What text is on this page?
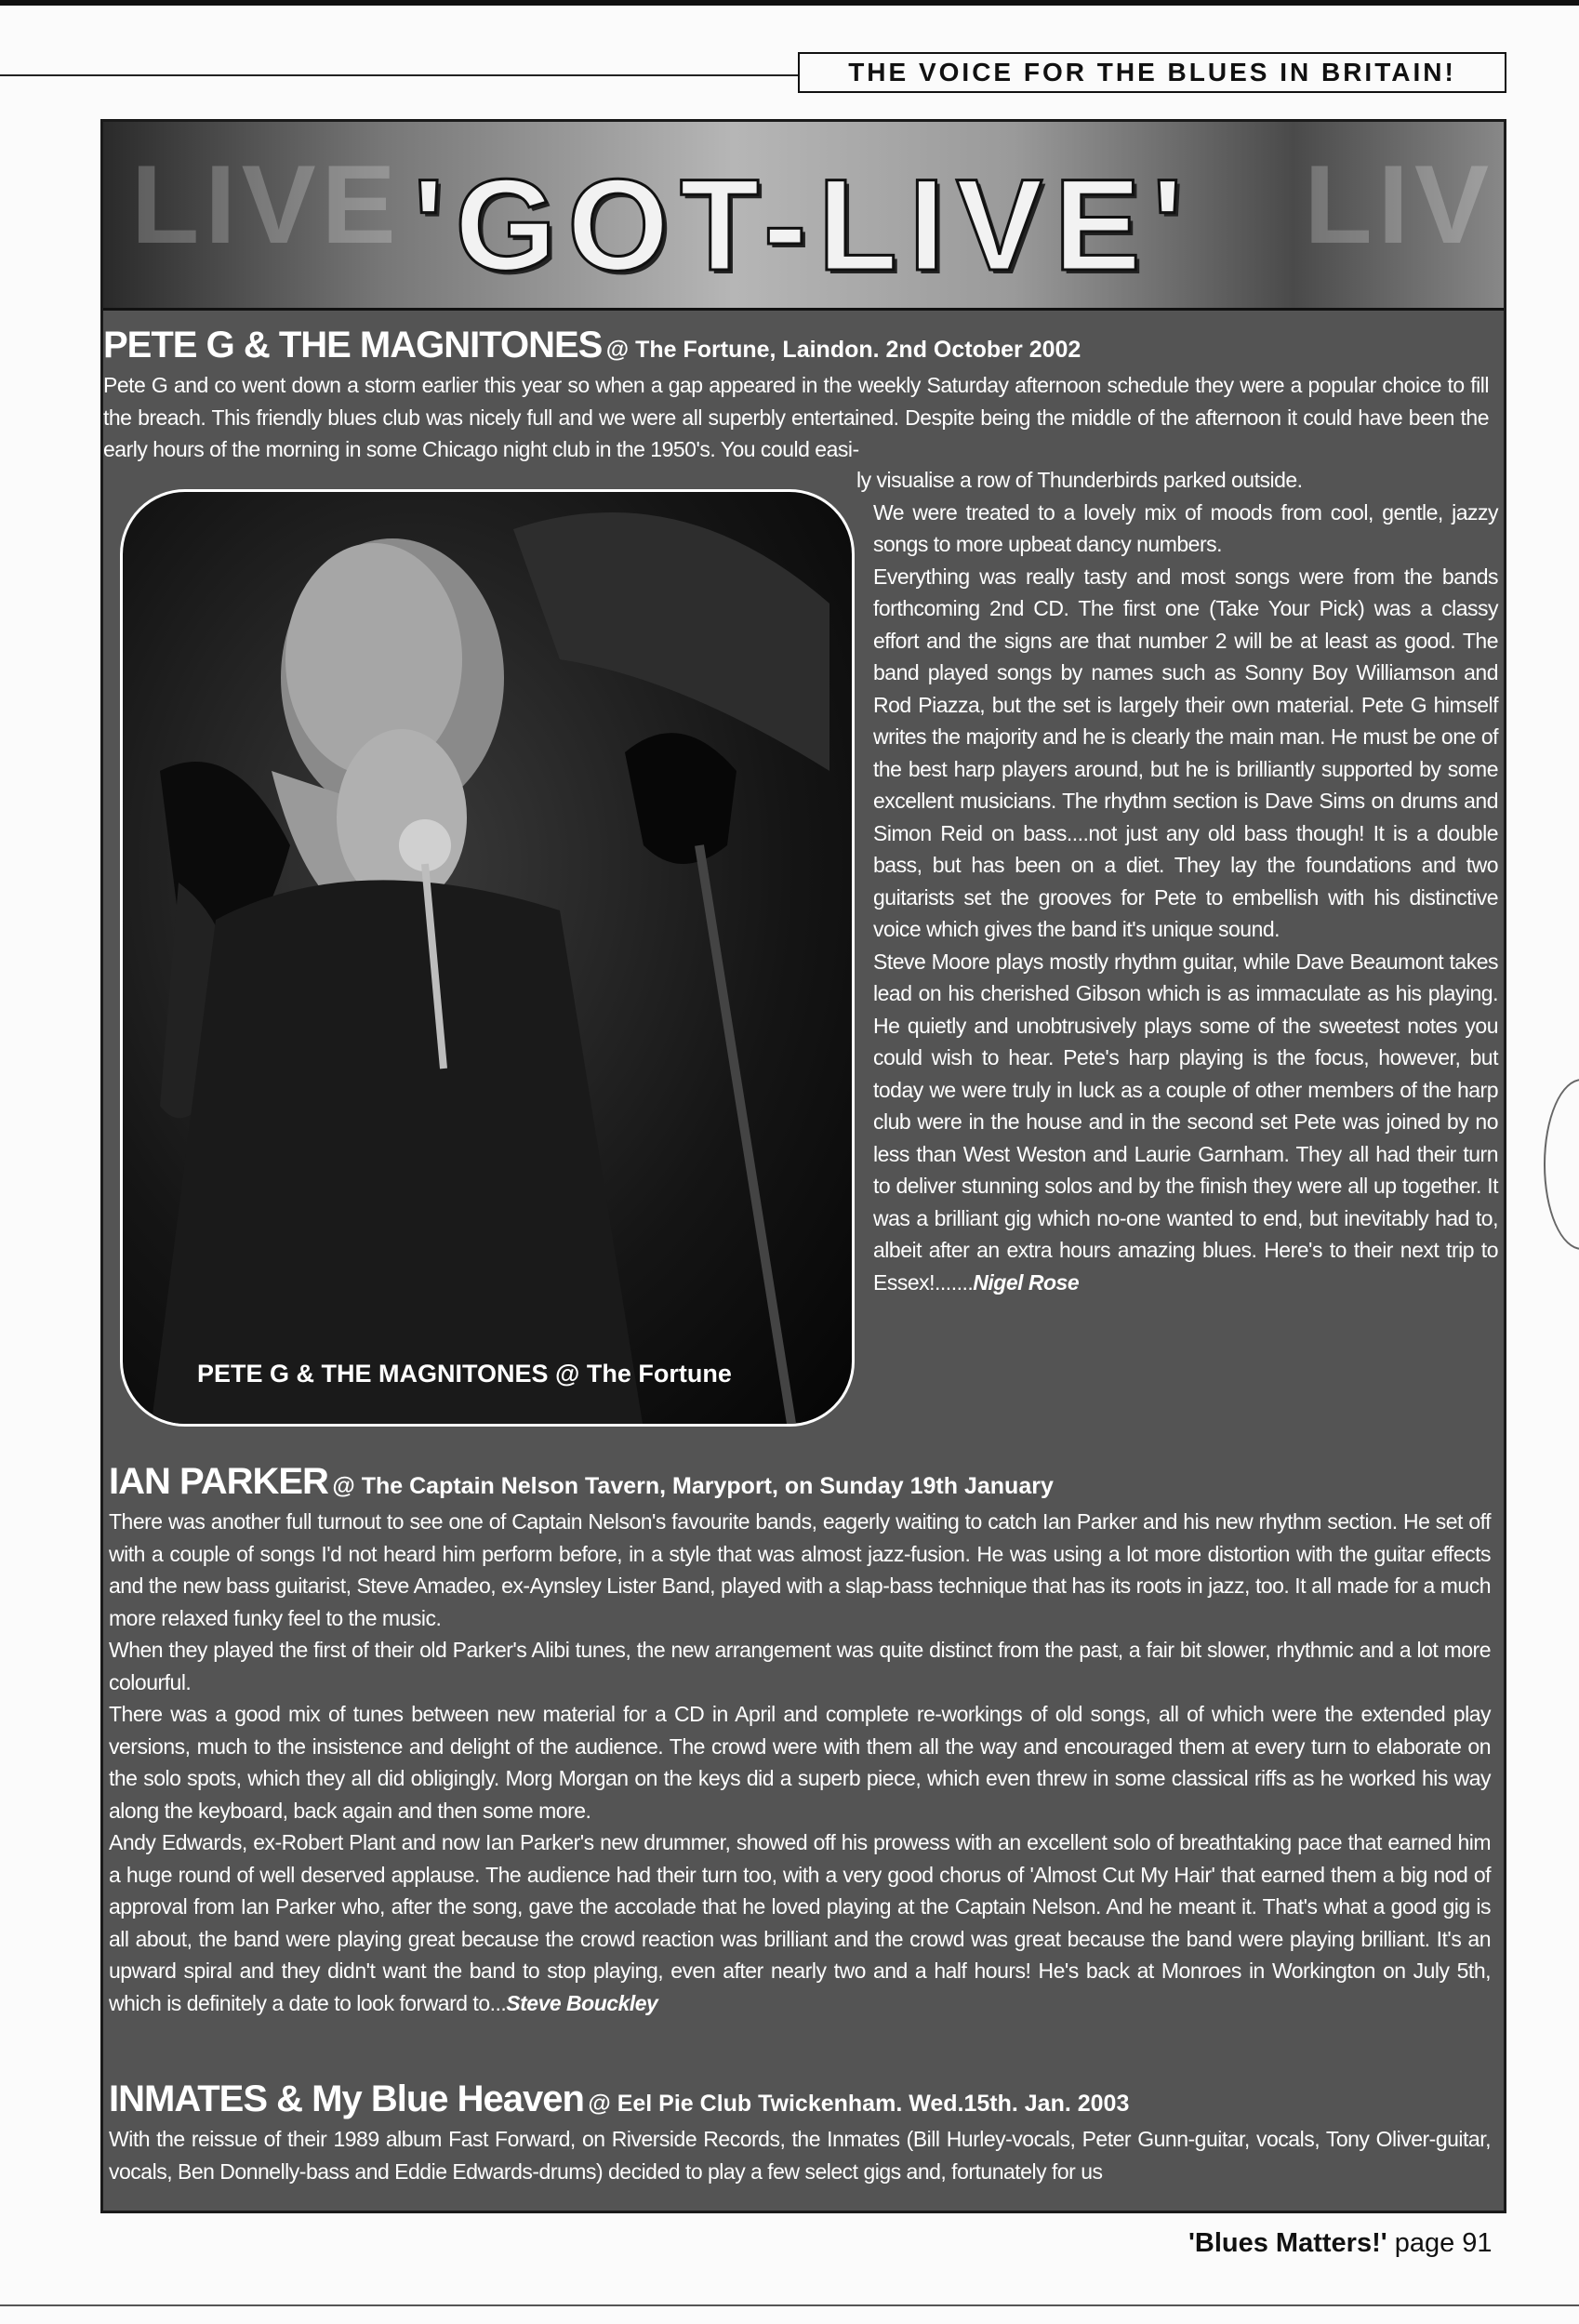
THE VOICE FOR THE BLUES IN BRITAIN!
LIVE	LIV
'GOT-LIVE'
PETE G & THE MAGNITONES @ The Fortune, Laindon. 2nd October 2002

Pete G and co went down a storm earlier this year so when a gap appeared in the weekly Saturday afternoon schedule they were a popular choice to fill the breach. This friendly blues club was nicely full and we were all superbly entertained. Despite being the middle of the afternoon it could have been the early hours of the morning in some Chicago night club in the 1950's. You could easi-

PETE G & THE MAGNITONES @ The Fortune

ly visualise a row of Thunderbirds parked outside.

We were treated to a lovely mix of moods from cool, gentle, jazzy songs to more upbeat dancy numbers.

Everything was really tasty and most songs were from the bands forthcoming 2nd CD. The first one (Take Your Pick) was a classy effort and the signs are that number 2 will be at least as good. The band played songs by names such as Sonny Boy Williamson and Rod Piazza, but the set is largely their own material. Pete G himself writes the majority and he is clearly the main man. He must be one of the best harp players around, but he is brilliantly supported by some excellent musicians. The rhythm section is Dave Sims on drums and Simon Reid on bass....not just any old bass though! It is a double bass, but has been on a diet. They lay the foundations and two guitarists set the grooves for Pete to embellish with his distinctive voice which gives the band it's unique sound.

Steve Moore plays mostly rhythm guitar, while Dave Beaumont takes lead on his cherished Gibson which is as immaculate as his playing. He quietly and unobtrusively plays some of the sweetest notes you could wish to hear. Pete's harp playing is the focus, however, but today we were truly in luck as a couple of other members of the harp club were in the house and in the second set Pete was joined by no less than West Weston and Laurie Garnham. They all had their turn to deliver stunning solos and by the finish they were all up together. It was a brilliant gig which no-one wanted to end, but inevitably had to, albeit after an extra hours amazing blues. Here's to their next trip to Essex!.......Nigel Rose

IAN PARKER @ The Captain Nelson Tavern, Maryport, on Sunday 19th January

There was another full turnout to see one of Captain Nelson's favourite bands, eagerly waiting to catch Ian Parker and his new rhythm section. He set off with a couple of songs I'd not heard him perform before, in a style that was almost jazz-fusion. He was using a lot more distortion with the guitar effects and the new bass guitarist, Steve Amadeo, ex-Aynsley Lister Band, played with a slap-bass technique that has its roots in jazz, too. It all made for a much more relaxed funky feel to the music.

When they played the first of their old Parker's Alibi tunes, the new arrangement was quite distinct from the past, a fair bit slower, rhythmic and a lot more colourful.

There was a good mix of tunes between new material for a CD in April and complete re-workings of old songs, all of which were the extended play versions, much to the insistence and delight of the audience. The crowd were with them all the way and encouraged them at every turn to elaborate on the solo spots, which they all did obligingly. Morg Morgan on the keys did a superb piece, which even threw in some classical riffs as he worked his way along the keyboard, back again and then some more.

Andy Edwards, ex-Robert Plant and now Ian Parker's new drummer, showed off his prowess with an excellent solo of breathtaking pace that earned him a huge round of well deserved applause. The audience had their turn too, with a very good chorus of 'Almost Cut My Hair' that earned them a big nod of approval from Ian Parker who, after the song, gave the accolade that he loved playing at the Captain Nelson. And he meant it. That's what a good gig is all about, the band were playing great because the crowd reaction was brilliant and the crowd was great because the band were playing brilliant. It's an upward spiral and they didn't want the band to stop playing, even after nearly two and a half hours! He's back at Monroes in Workington on July 5th, which is definitely a date to look forward to...Steve Bouckley

INMATES & My Blue Heaven @ Eel Pie Club Twickenham. Wed.15th. Jan. 2003

With the reissue of their 1989 album Fast Forward, on Riverside Records, the Inmates (Bill Hurley-vocals, Peter Gunn-guitar, vocals, Tony Oliver-guitar, vocals, Ben Donnelly-bass and Eddie Edwards-drums) decided to play a few select gigs and, fortunately for us

'Blues Matters!' page 91
